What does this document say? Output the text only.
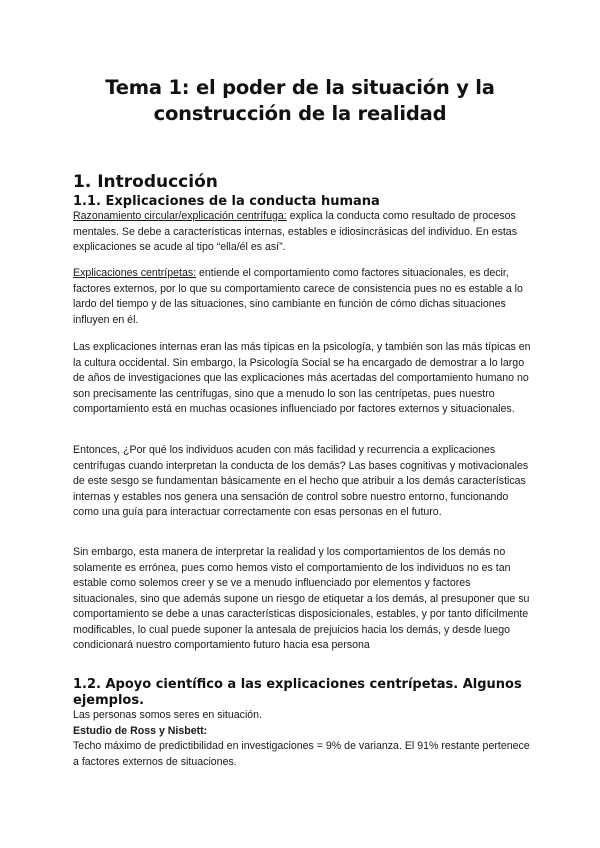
Tema 1: el poder de la situación y la
construcción de la realidad
1. Introducción
1.1. Explicaciones de la conducta humana
Razonamiento circular/explicación centrífuga: explica la conducta como resultado de procesos mentales. Se debe a características internas, estables e idiosincrásicas del individuo. En estas explicaciones se acude al tipo “ella/él es así”.
Explicaciones centrípetas: entiende el comportamiento como factores situacionales, es decir, factores externos, por lo que su comportamiento carece de consistencia pues no es estable a lo lardo del tiempo y de las situaciones, sino cambiante en función de cómo dichas situaciones influyen en él.
Las explicaciones internas eran las más típicas en la psicología, y también son las más típicas en la cultura occidental. Sin embargo, la Psicología Social se ha encargado de demostrar a lo largo de años de investigaciones que las explicaciones más acertadas del comportamiento humano no son precisamente las centrífugas, sino que a menudo lo son las centrípetas, pues nuestro comportamiento está en muchas ocasiones influenciado por factores externos y situacionales.
Entonces, ¿Por qué los individuos acuden con más facilidad y recurrencia a explicaciones centrífugas cuando interpretan la conducta de los demás? Las bases cognitivas y motivacionales de este sesgo se fundamentan básicamente en el hecho que atribuir a los demás características internas y estables nos genera una sensación de control sobre nuestro entorno, funcionando como una guía para interactuar correctamente con esas personas en el futuro.
Sin embargo, esta manera de interpretar la realidad y los comportamientos de los demás no solamente es errónea, pues como hemos visto el comportamiento de los individuos no es tan estable como solemos creer y se ve a menudo influenciado por elementos y factores situacionales, sino que además supone un riesgo de etiquetar a los demás, al presuponer que su comportamiento se debe a unas características disposicionales, estables, y por tanto difícilmente modificables, lo cual puede suponer la antesala de prejuicios hacia los demás, y desde luego condicionará nuestro comportamiento futuro hacia esa persona
1.2. Apoyo científico a las explicaciones centrípetas. Algunos ejemplos.
Las personas somos seres en situación.
Estudio de Ross y Nisbett:
Techo máximo de predictibilidad en investigaciones = 9% de varianza. El 91% restante pertenece a factores externos de situaciones.
